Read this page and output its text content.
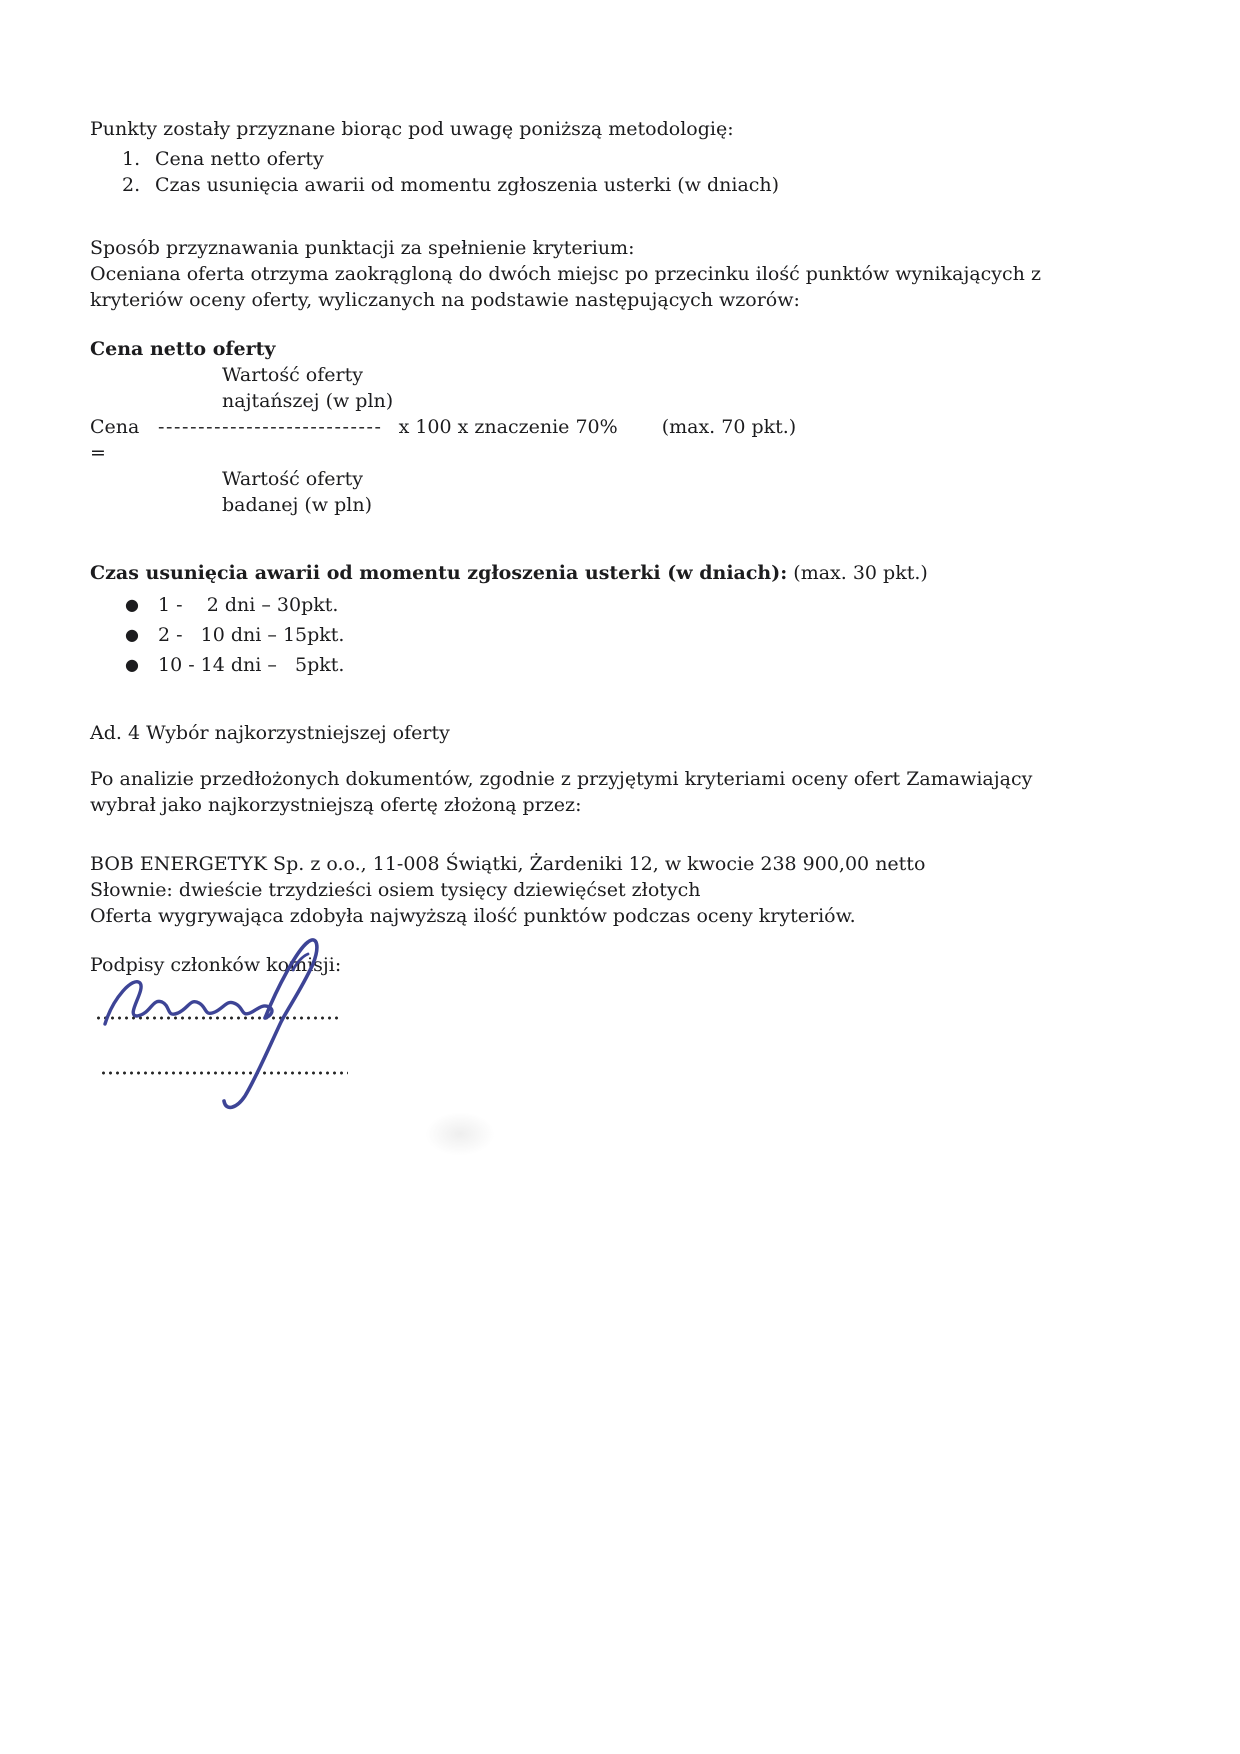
Punkty zostały przyznane biorąc pod uwagę poniższą metodologię:
1. Cena netto oferty
2. Czas usunięcia awarii od momentu zgłoszenia usterki (w dniach)
Sposób przyznawania punktacji za spełnienie kryterium:
Oceniana oferta otrzyma zaokrągloną do dwóch miejsc po przecinku ilość punktów wynikających z
kryteriów oceny oferty, wyliczanych na podstawie następujących wzorów:
Cena netto oferty
Wartość oferty
najtańszej (w pln)
Cena =
---------------------------- x 100 x znaczenie 70% (max. 70 pkt.)
Wartość oferty
badanej (w pln)
Czas usunięcia awarii od momentu zgłoszenia usterki (w dniach): (max. 30 pkt.)
●	1 -    2 dni – 30pkt.
●	2 -   10 dni – 15pkt.
●	10 - 14 dni –   5pkt.
Ad. 4 Wybór najkorzystniejszej oferty
Po analizie przedłożonych dokumentów, zgodnie z przyjętymi kryteriami oceny ofert Zamawiający
wybrał jako najkorzystniejszą ofertę złożoną przez:
BOB ENERGETYK Sp. z o.o., 11-008 Świątki, Żardeniki 12, w kwocie 238 900,00 netto
Słownie: dwieście trzydzieści osiem tysięcy dziewięćset złotych
Oferta wygrywająca zdobyła najwyższą ilość punktów podczas oceny kryteriów.
Podpisy członków komisji:
